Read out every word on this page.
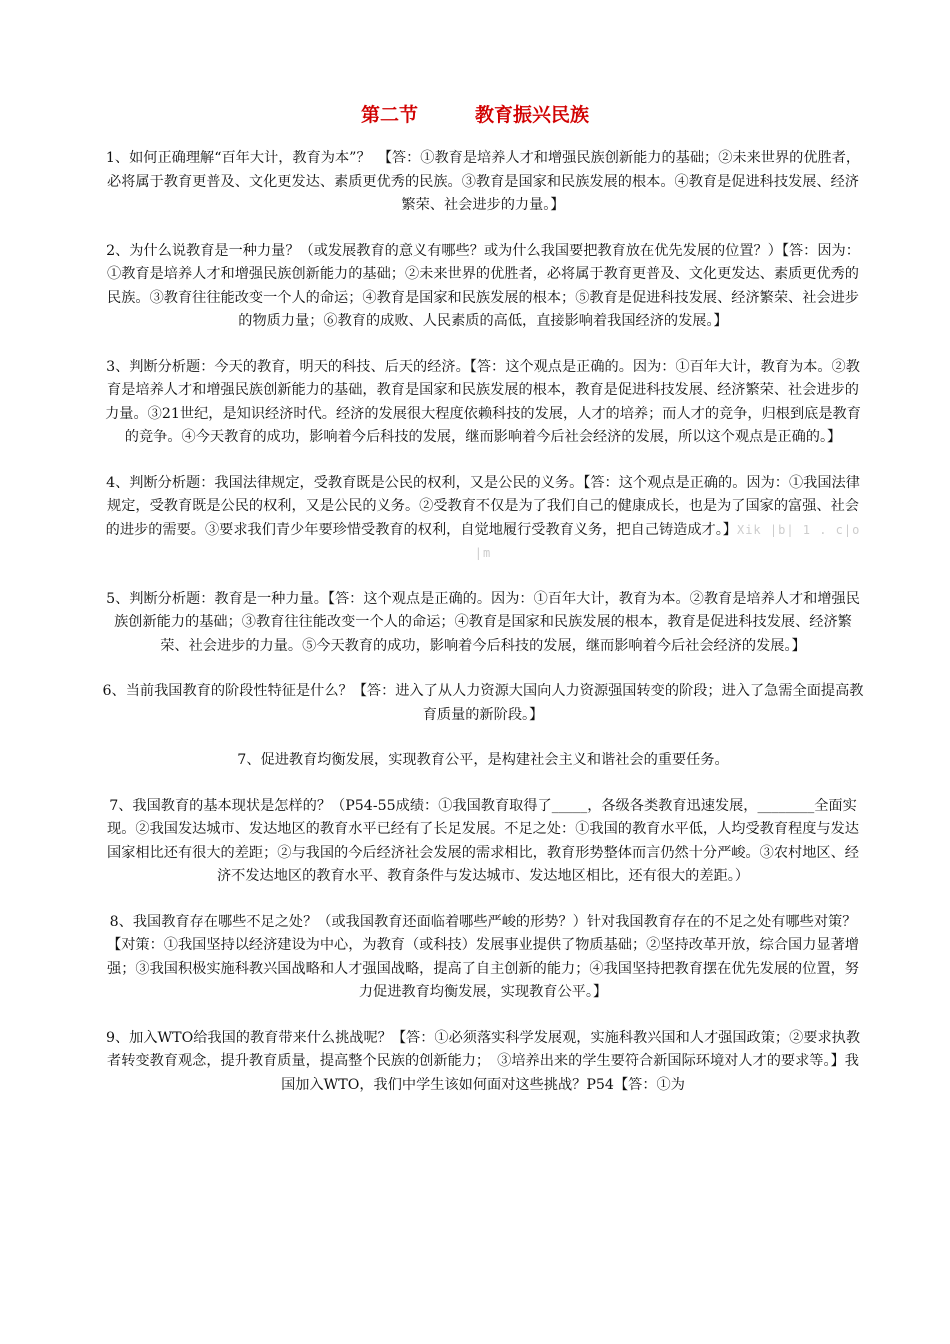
第二节　　　教育振兴民族

1、如何正确理解“百年大计，教育为本”？　【答：①教育是培养人才和增强民族创新能力的基础；②未来世界的优胜者，必将属于教育更普及、文化更发达、素质更优秀的民族。③教育是国家和民族发展的根本。④教育是促进科技发展、经济繁荣、社会进步的力量。】

2、为什么说教育是一种力量？（或发展教育的意义有哪些？或为什么我国要把教育放在优先发展的位置？）【答：因为：①教育是培养人才和增强民族创新能力的基础；②未来世界的优胜者，必将属于教育更普及、文化更发达、素质更优秀的民族。③教育往往能改变一个人的命运；④教育是国家和民族发展的根本；⑤教育是促进科技发展、经济繁荣、社会进步的物质力量；⑥教育的成败、人民素质的高低，直接影响着我国经济的发展。】

3、判断分析题：今天的教育，明天的科技、后天的经济。【答：这个观点是正确的。因为：①百年大计，教育为本。②教育是培养人才和增强民族创新能力的基础，教育是国家和民族发展的根本，教育是促进科技发展、经济繁荣、社会进步的力量。③21世纪，是知识经济时代。经济的发展很大程度依赖科技的发展，人才的培养；而人才的竞争，归根到底是教育的竞争。④今天教育的成功，影响着今后科技的发展，继而影响着今后社会经济的发展，所以这个观点是正确的。】

4、判断分析题：我国法律规定，受教育既是公民的权利，又是公民的义务。【答：这个观点是正确的。因为：①我国法律规定，受教育既是公民的权利，又是公民的义务。②受教育不仅是为了我们自己的健康成长，也是为了国家的富强、社会的进步的需要。③要求我们青少年要珍惜受教育的权利，自觉地履行受教育义务，把自己铸造成才。】Xik |b| 1 . c|o |m

5、判断分析题：教育是一种力量。【答：这个观点是正确的。因为：①百年大计，教育为本。②教育是培养人才和增强民族创新能力的基础；③教育往往能改变一个人的命运；④教育是国家和民族发展的根本，教育是促进科技发展、经济繁荣、社会进步的力量。⑤今天教育的成功，影响着今后科技的发展，继而影响着今后社会经济的发展。】

6、当前我国教育的阶段性特征是什么？【答：进入了从人力资源大国向人力资源强国转变的阶段；进入了急需全面提高教育质量的新阶段。】

7、促进教育均衡发展，实现教育公平，是构建社会主义和谐社会的重要任务。

7、我国教育的基本现状是怎样的？（P54-55成绩：①我国教育取得了_____，各级各类教育迅速发展，________全面实现。②我国发达城市、发达地区的教育水平已经有了长足发展。不足之处：①我国的教育水平低，人均受教育程度与发达国家相比还有很大的差距；②与我国的今后经济社会发展的需求相比，教育形势整体而言仍然十分严峻。③农村地区、经济不发达地区的教育水平、教育条件与发达城市、发达地区相比，还有很大的差距。）

8、我国教育存在哪些不足之处？（或我国教育还面临着哪些严峻的形势？）针对我国教育存在的不足之处有哪些对策？【对策：①我国坚持以经济建设为中心，为教育（或科技）发展事业提供了物质基础；②坚持改革开放，综合国力显著增强；③我国积极实施科教兴国战略和人才强国战略，提高了自主创新的能力；④我国坚持把教育摆在优先发展的位置，努力促进教育均衡发展，实现教育公平。】

9、加入WTO给我国的教育带来什么挑战呢？【答：①必须落实科学发展观，实施科教兴国和人才强国政策；②要求执教者转变教育观念，提升教育质量，提高整个民族的创新能力；　③培养出来的学生要符合新国际环境对人才的要求等。】我国加入WTO，我们中学生该如何面对这些挑战？P54【答：①为
